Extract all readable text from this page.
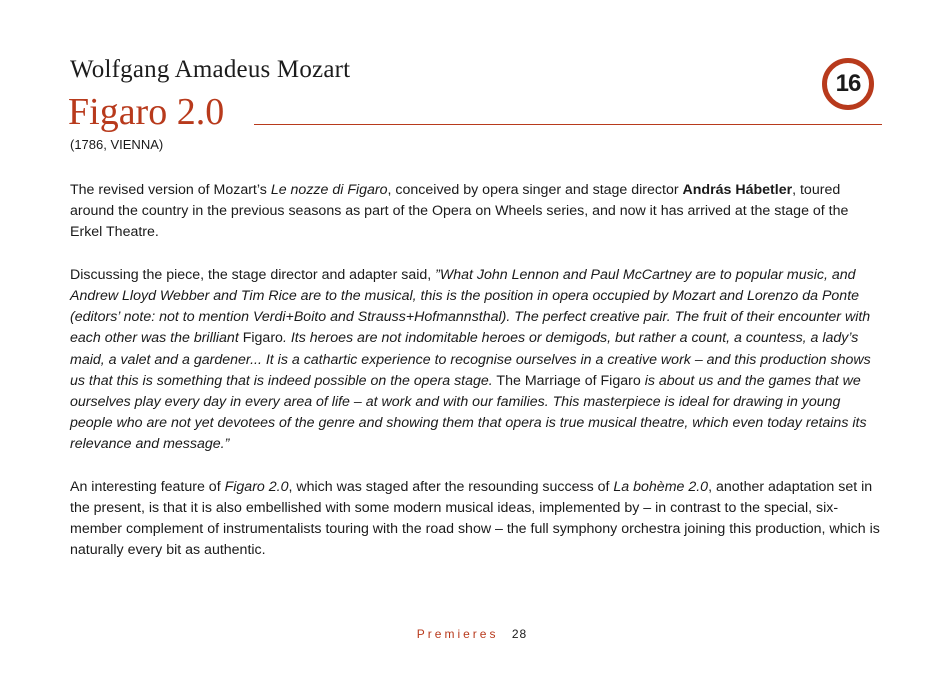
Wolfgang Amadeus Mozart
Figaro 2.0
16
(1786, VIENNA)

The revised version of Mozart’s Le nozze di Figaro, conceived by opera singer and stage director András Hábetler, toured around the country in the previous seasons as part of the Opera on Wheels series, and now it has arrived at the stage of the Erkel Theatre.

Discussing the piece, the stage director and adapter said, ”What John Lennon and Paul McCartney are to popular music, and Andrew Lloyd Webber and Tim Rice are to the musical, this is the position in opera occupied by Mozart and Lorenzo da Ponte (editors’ note: not to mention Verdi+Boito and Strauss+Hofmannsthal). The perfect creative pair. The fruit of their encounter with each other was the brilliant Figaro. Its heroes are not indomitable heroes or demigods, but rather a count, a countess, a lady’s maid, a valet and a gardener... It is a cathartic experience to recognise ourselves in a creative work – and this production shows us that this is something that is indeed possible on the opera stage. The Marriage of Figaro is about us and the games that we ourselves play every day in every area of life – at work and with our families. This masterpiece is ideal for drawing in young people who are not yet devotees of the genre and showing them that opera is true musical theatre, which even today retains its relevance and message.”

An interesting feature of Figaro 2.0, which was staged after the resounding success of La bohème 2.0, another adaptation set in the present, is that it is also embellished with some modern musical ideas, implemented by – in contrast to the special, six-member complement of instrumentalists touring with the road show – the full symphony orchestra joining this production, which is naturally every bit as authentic.

Premieres 28
